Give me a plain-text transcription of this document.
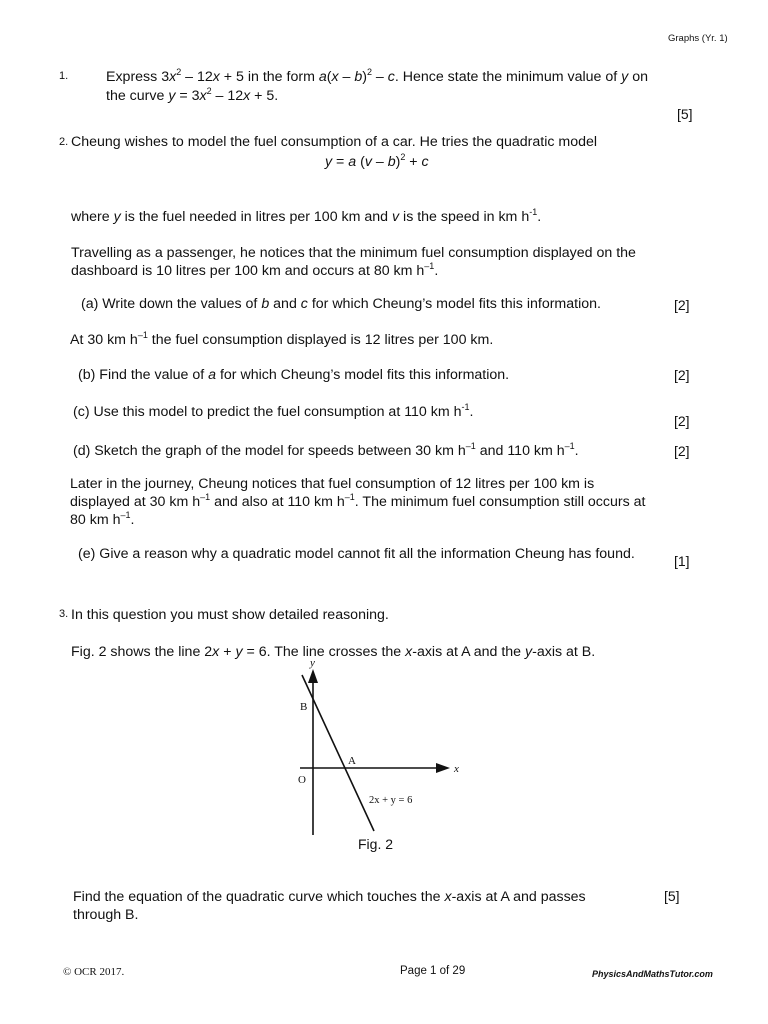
Graphs (Yr. 1)
1.	Express $3x^2 - 12x + 5$ in the form a(x – b)$^2$ – c. Hence state the minimum value of y on
the curve $y = 3x^2 - 12x + 5$.
[5]
2. Cheung wishes to model the fuel consumption of a car. He tries the quadratic model
y = a (v – b)$^2$ + c
where y is the fuel needed in litres per 100 km and v is the speed in km $h^{-1}$.
Travelling as a passenger, he notices that the minimum fuel consumption displayed on the
dashboard is 10 litres per 100 km and occurs at 80 km $h^{-1}$.
(a) Write down the values of b and c for which Cheung’s model fits this information.	[2]
At 30 km $h^{-1}$ the fuel consumption displayed is 12 litres per 100 km.
(b) Find the value of a for which Cheung’s model fits this information.	[2]
(c) Use this model to predict the fuel consumption at 110 km $h^{-1}$.
[2]
(d) Sketch the graph of the model for speeds between 30 km $h^{-1}$ and 110 km $h^{-1}$.	[2]
Later in the journey, Cheung notices that fuel consumption of 12 litres per 100 km is
displayed at 30 km $h^{-1}$ and also at 110 km $h^{-1}$. The minimum fuel consumption still occurs at
80 km $h^{-1}$.
(e) Give a reason why a quadratic model cannot fit all the information Cheung has found.	[1]
3. In this question you must show detailed reasoning.
Fig. 2 shows the line 2x + y = 6. The line crosses the x-axis at A and the y-axis at B.
y
x
O
B
A
2x + y = 6
Fig. 2
Find the equation of the quadratic curve which touches the x-axis at A and passes
through B.
[5]
© OCR 2017.	Page 1 of 29	PhysicsAndMathsTutor.com
